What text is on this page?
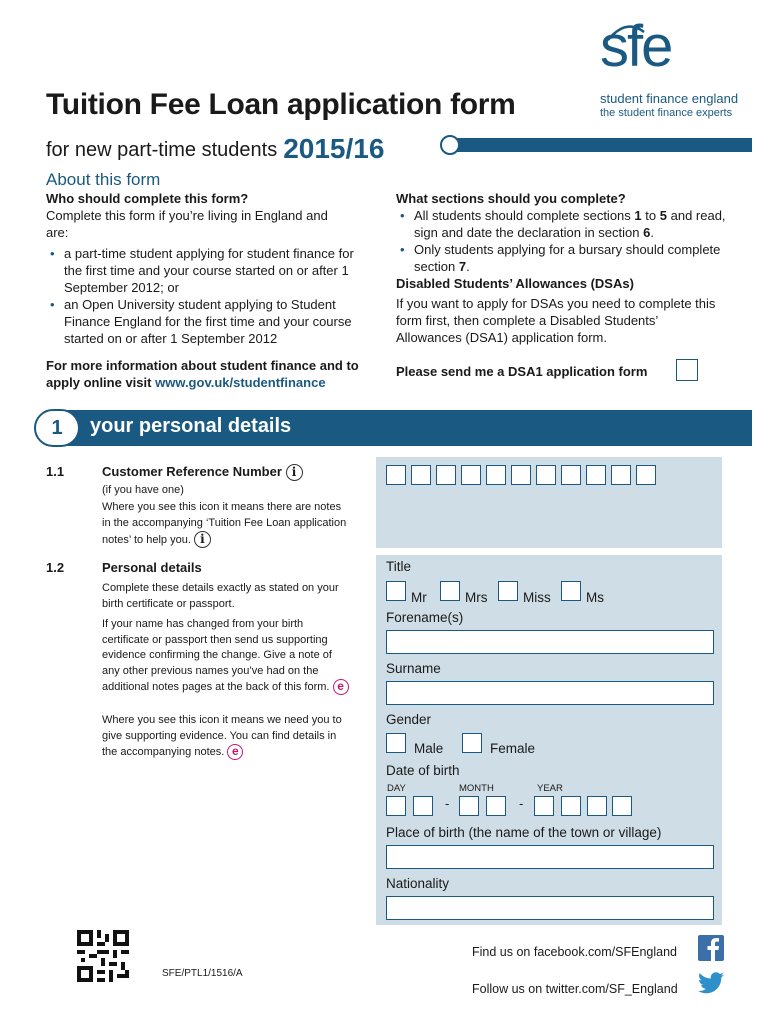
sfe
student finance england
the student finance experts
Tuition Fee Loan application form
for new part-time students 2015/16
About this form
Who should complete this form?
Complete this form if you’re living in England and are:
• a part-time student applying for student finance for the first time and your course started on or after 1 September 2012; or
• an Open University student applying to Student Finance England for the first time and your course started on or after 1 September 2012
For more information about student finance and to apply online visit www.gov.uk/studentfinance
What sections should you complete?
• All students should complete sections 1 to 5 and read, sign and date the declaration in section 6.
• Only students applying for a bursary should complete section 7.
Disabled Students’ Allowances (DSAs)
If you want to apply for DSAs you need to complete this form first, then complete a Disabled Students’ Allowances (DSA1) application form.
Please send me a DSA1 application form
1	your personal details
1.1	Customer Reference Number i
(if you have one)
Where you see this icon it means there are notes in the accompanying ‘Tuition Fee Loan application notes’ to help you. i
1.2	Personal details
Complete these details exactly as stated on your birth certificate or passport.
If your name has changed from your birth certificate or passport then send us supporting evidence confirming the change. Give a note of any other previous names you’ve had on the additional notes pages at the back of this form. e
Where you see this icon it means we need you to give supporting evidence. You can find details in the accompanying notes. e
Title
Mr	Mrs	Miss	Ms
Forename(s)
Surname
Gender
Male	Female
Date of birth
DAY	MONTH	YEAR
-	-
Place of birth (the name of the town or village)
Nationality
SFE/PTL1/1516/A
Find us on facebook.com/SFEngland
Follow us on twitter.com/SF_England
